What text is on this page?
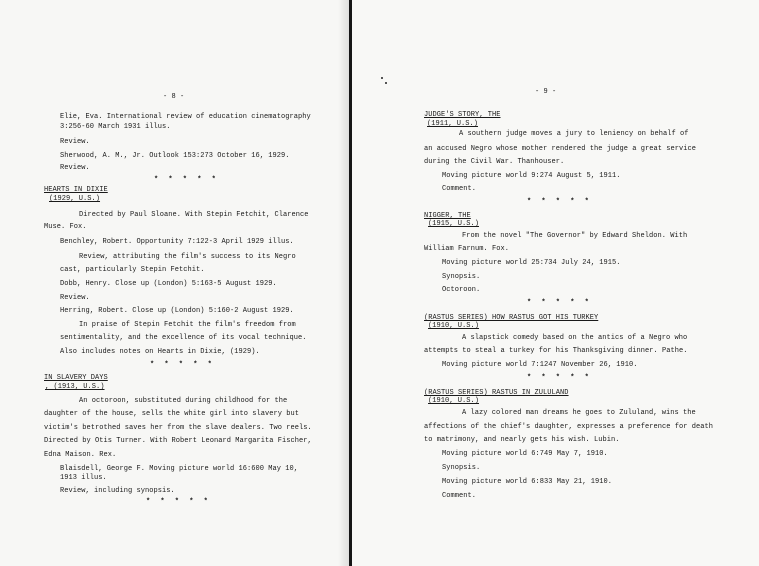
- 8 -
Elie, Eva. International review of education cinematography
3:256-60 March 1931 illus.
Review.
Sherwood, A. M., Jr. Outlook 153:273 October 16, 1929.
Review.
* * * * *
HEARTS IN DIXIE
(1929, U.S.)
Directed by Paul Sloane. With Stepin Fetchit, Clarence
Muse. Fox.
Benchley, Robert. Opportunity 7:122-3 April 1929 illus.
Review, attributing the film's success to its Negro
cast, particularly Stepin Fetchit.
Dobb, Henry. Close up (London) 5:163-5 August 1929.
Review.
Herring, Robert. Close up (London) 5:160-2 August 1929.
In praise of Stepin Fetchit the film's freedom from
sentimentality, and the excellence of its vocal technique.
Also includes notes on Hearts in Dixie, (1929).
* * * * *
IN SLAVERY DAYS
, (1913, U.S.)
An octoroon, substituted during childhood for the
daughter of the house, sells the white girl into slavery but
victim's betrothed saves her from the slave dealers. Two reels.
Directed by Otis Turner. With Robert Leonard Margarita Fischer,
Edna Maison. Rex.
Blaisdell, George F. Moving picture world 16:600 May 10,
1913 illus.
Review, including synopsis.
* * * * *
- 9 -
JUDGE'S STORY, THE
(1911, U.S.)
A southern judge moves a jury to leniency on behalf of
an accused Negro whose mother rendered the judge a great service
during the Civil War. Thanhouser.
Moving picture world 9:274 August 5, 1911.
Comment.
* * * * *
NIGGER, THE
(1915, U.S.)
From the novel "The Governor" by Edward Sheldon. With
William Farnum. Fox.
Moving picture world 25:734 July 24, 1915.
Synopsis.
Octoroon.
* * * * *
(RASTUS SERIES) HOW RASTUS GOT HIS TURKEY
(1910, U.S.)
A slapstick comedy based on the antics of a Negro who
attempts to steal a turkey for his Thanksgiving dinner. Pathe.
Moving picture world 7:1247 November 26, 1910.
* * * * *
(RASTUS SERIES) RASTUS IN ZULULAND
(1910, U.S.)
A lazy colored man dreams he goes to Zululand, wins the
affections of the chief's daughter, expresses a preference for death
to matrimony, and nearly gets his wish. Lubin.
Moving picture world 6:749 May 7, 1910.
Synopsis.
Moving picture world 6:833 May 21, 1910.
Comment.
